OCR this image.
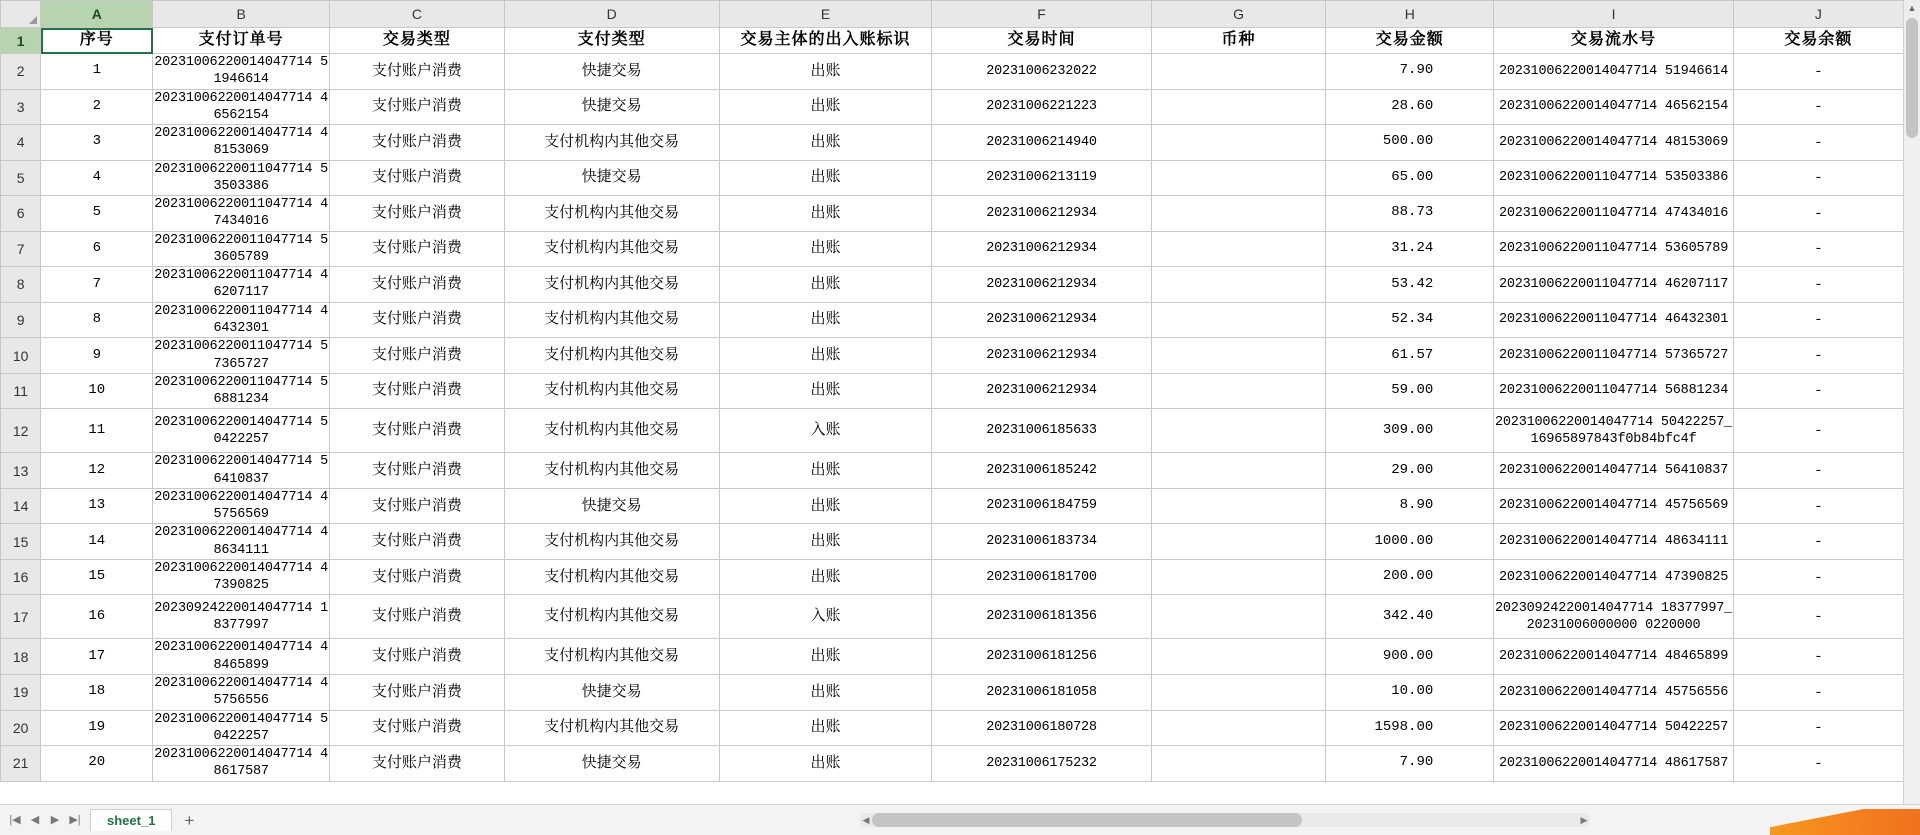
	A	B	C	D	E	F	G	H	I	J
1	序号	支付订单号	交易类型	支付类型	交易主体的出入账标识	交易时间	币种	交易金额	交易流水号	交易余额
2	1	20231006220014047714 51946614	支付账户消费	快捷交易	出账	20231006232022		7.90	20231006220014047714 51946614	-
3	2	20231006220014047714 46562154	支付账户消费	快捷交易	出账	20231006221223		28.60	20231006220014047714 46562154	-
4	3	20231006220014047714 48153069	支付账户消费	支付机构内其他交易	出账	20231006214940		500.00	20231006220014047714 48153069	-
5	4	20231006220011047714 53503386	支付账户消费	快捷交易	出账	20231006213119		65.00	20231006220011047714 53503386	-
6	5	20231006220011047714 47434016	支付账户消费	支付机构内其他交易	出账	20231006212934		88.73	20231006220011047714 47434016	-
7	6	20231006220011047714 53605789	支付账户消费	支付机构内其他交易	出账	20231006212934		31.24	20231006220011047714 53605789	-
8	7	20231006220011047714 46207117	支付账户消费	支付机构内其他交易	出账	20231006212934		53.42	20231006220011047714 46207117	-
9	8	20231006220011047714 46432301	支付账户消费	支付机构内其他交易	出账	20231006212934		52.34	20231006220011047714 46432301	-
10	9	20231006220011047714 57365727	支付账户消费	支付机构内其他交易	出账	20231006212934		61.57	20231006220011047714 57365727	-
11	10	20231006220011047714 56881234	支付账户消费	支付机构内其他交易	出账	20231006212934		59.00	20231006220011047714 56881234	-
12	11	20231006220014047714 50422257	支付账户消费	支付机构内其他交易	入账	20231006185633		309.00	20231006220014047714 50422257_16965897843f0b84bfc4f	-
13	12	20231006220014047714 56410837	支付账户消费	支付机构内其他交易	出账	20231006185242		29.00	20231006220014047714 56410837	-
14	13	20231006220014047714 45756569	支付账户消费	快捷交易	出账	20231006184759		8.90	20231006220014047714 45756569	-
15	14	20231006220014047714 48634111	支付账户消费	支付机构内其他交易	出账	20231006183734		1000.00	20231006220014047714 48634111	-
16	15	20231006220014047714 47390825	支付账户消费	支付机构内其他交易	出账	20231006181700		200.00	20231006220014047714 47390825	-
17	16	20230924220014047714 18377997	支付账户消费	支付机构内其他交易	入账	20231006181356		342.40	20230924220014047714 18377997_20231006000000 0220000	-
18	17	20231006220014047714 48465899	支付账户消费	支付机构内其他交易	出账	20231006181256		900.00	20231006220014047714 48465899	-
19	18	20231006220014047714 45756556	支付账户消费	快捷交易	出账	20231006181058		10.00	20231006220014047714 45756556	-
20	19	20231006220014047714 50422257	支付账户消费	支付机构内其他交易	出账	20231006180728		1598.00	20231006220014047714 50422257	-
21	20	20231006220014047714 48617587	支付账户消费	快捷交易	出账	20231006175232		7.90	20231006220014047714 48617587	-
▲
|◀ ◀	▶ ▶|	sheet_1	+	◀	▶
